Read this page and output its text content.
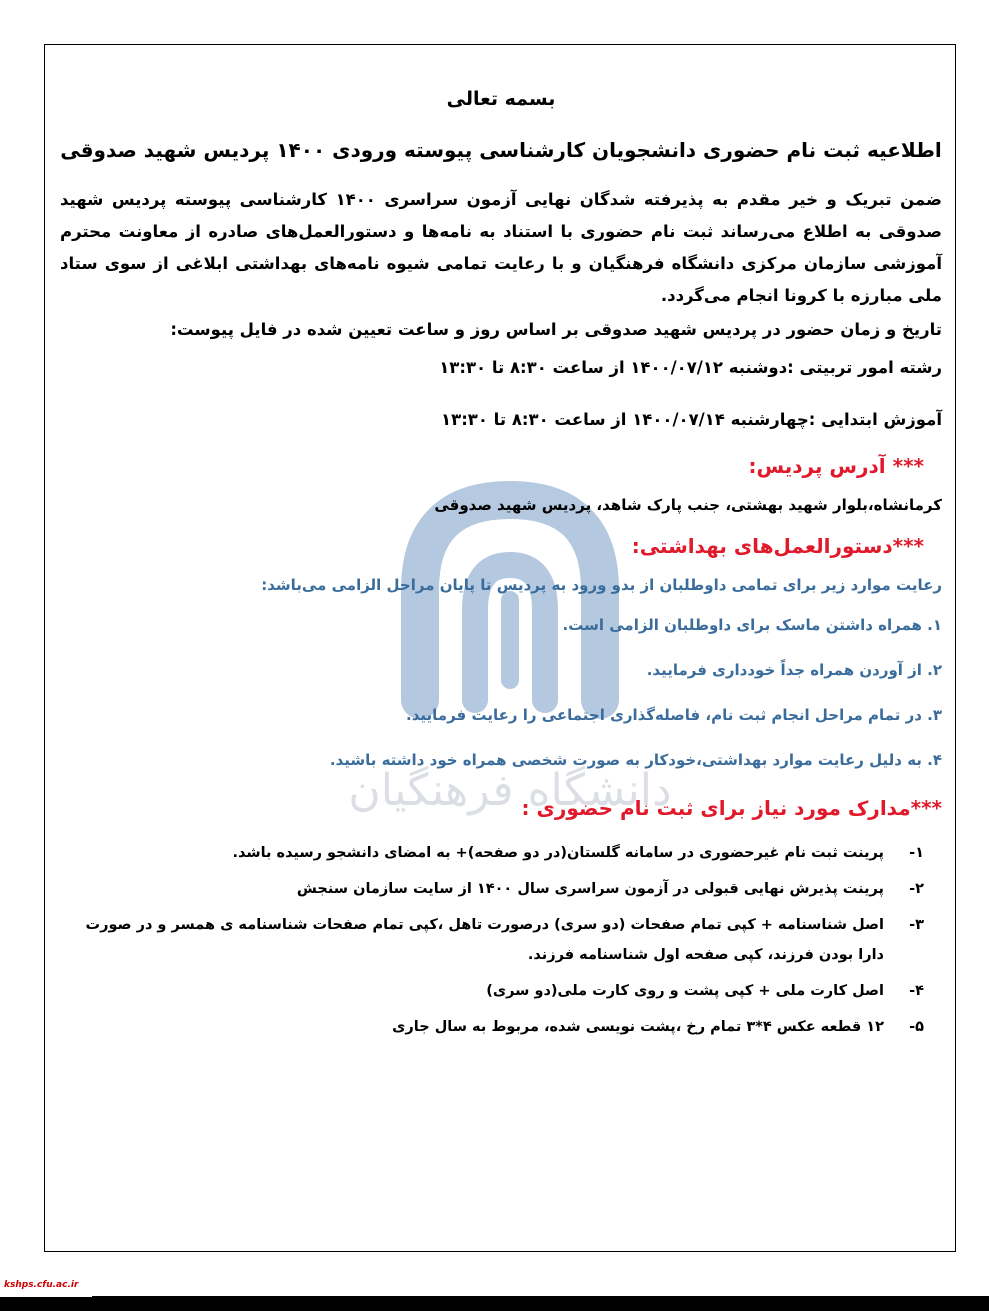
دانشگاه فرهنگیان
بسمه تعالی
اطلاعیه ثبت نام حضوری دانشجویان کارشناسی پیوسته ورودی ۱۴۰۰ پردیس شهید صدوقی

ضمن تبریک و خیر مقدم به پذیرفته شدگان نهایی آزمون سراسری ۱۴۰۰ کارشناسی پیوسته پردیس شهید صدوقی به اطلاع می‌رساند ثبت نام حضوری با استناد به نامه‌ها و دستورالعمل‌های صادره از معاونت محترم آموزشی سازمان مرکزی دانشگاه فرهنگیان و با رعایت تمامی شیوه نامه‌های بهداشتی ابلاغی از سوی ستاد ملی مبارزه با کرونا انجام می‌گردد.

تاریخ و زمان حضور در پردیس شهید صدوقی بر اساس روز و ساعت تعیین شده در فایل پیوست:
رشته امور تربیتی :دوشنبه ۱۴۰۰/۰۷/۱۲ از ساعت ۸:۳۰ تا ۱۳:۳۰
آموزش ابتدایی :چهارشنبه ۱۴۰۰/۰۷/۱۴ از ساعت ۸:۳۰ تا ۱۳:۳۰
*** آدرس پردیس:
کرمانشاه،بلوار شهید بهشتی، جنب پارک شاهد، پردیس شهید صدوقی
***دستورالعمل‌های بهداشتی:
رعایت موارد زیر برای تمامی داوطلبان از بدو ورود به پردیس تا پایان مراحل الزامی می‌باشد:
۱. همراه داشتن ماسک برای داوطلبان الزامی است.
۲. از آوردن همراه جداً خودداری فرمایید.
۳. در تمام مراحل انجام ثبت نام، فاصله‌گذاری اجتماعی را رعایت فرمایید.
۴. به دلیل رعایت موارد بهداشتی،خودکار به صورت شخصی همراه خود داشته باشید.
***مدارک مورد نیاز برای ثبت نام حضوری :
۱-
پرینت ثبت نام غیرحضوری در سامانه گلستان(در دو صفحه)+ به امضای دانشجو رسیده باشد.
۲-
پرینت پذیرش نهایی قبولی در آزمون سراسری سال ۱۴۰۰ از سایت سازمان سنجش
۳-
اصل شناسنامه + کپی تمام صفحات (دو سری) درصورت تاهل ،کپی تمام صفحات شناسنامه ی همسر و در صورت دارا بودن فرزند، کپی صفحه اول شناسنامه فرزند.
۴-
اصل کارت ملی + کپی پشت و روی کارت ملی(دو سری)
۵-
۱۲ قطعه عکس ۴*۳ تمام رخ ،پشت نویسی شده، مربوط به سال جاری
kshps.cfu.ac.ir
